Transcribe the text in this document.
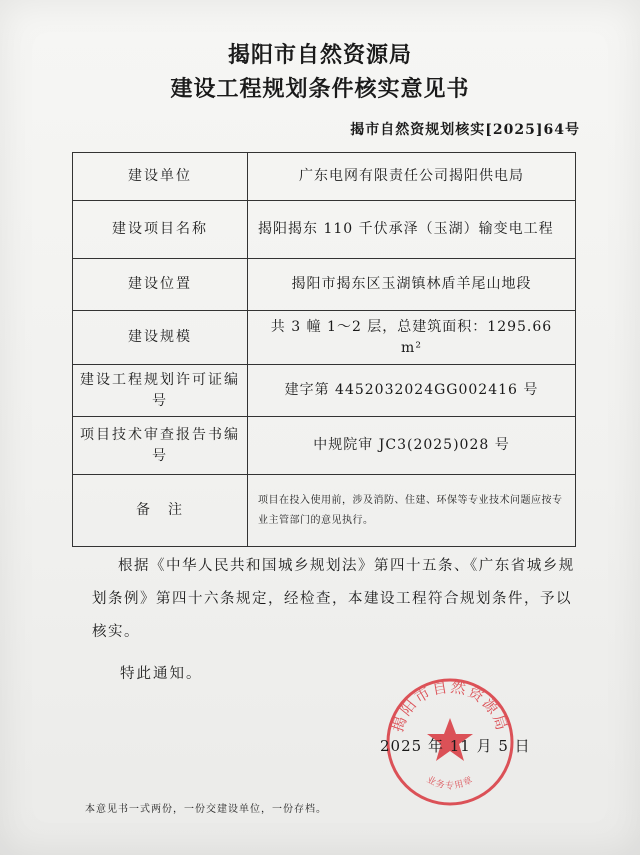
揭阳市自然资源局
建设工程规划条件核实意见书
揭市自然资规划核实[2025]64号
建设单位	广东电网有限责任公司揭阳供电局
建设项目名称	揭阳揭东 110 千伏承泽（玉湖）输变电工程
建设位置	揭阳市揭东区玉湖镇林盾羊尾山地段
建设规模	共 3 幢 1～2 层，总建筑面积：1295.66 m²
建设工程规划许可证编号	建字第 4452032024GG002416 号
项目技术审查报告书编号	中规院审 JC3(2025)028 号
备　注	项目在投入使用前，涉及消防、住建、环保等专业技术问题应按专业主管部门的意见执行。
根据《中华人民共和国城乡规划法》第四十五条、《广东省城乡规划条例》第四十六条规定，经检查，本建设工程符合规划条件，予以核实。
特此通知。
揭阳市自然资源局
业务专用章
2025 年 11 月 5 日
本意见书一式两份，一份交建设单位，一份存档。
